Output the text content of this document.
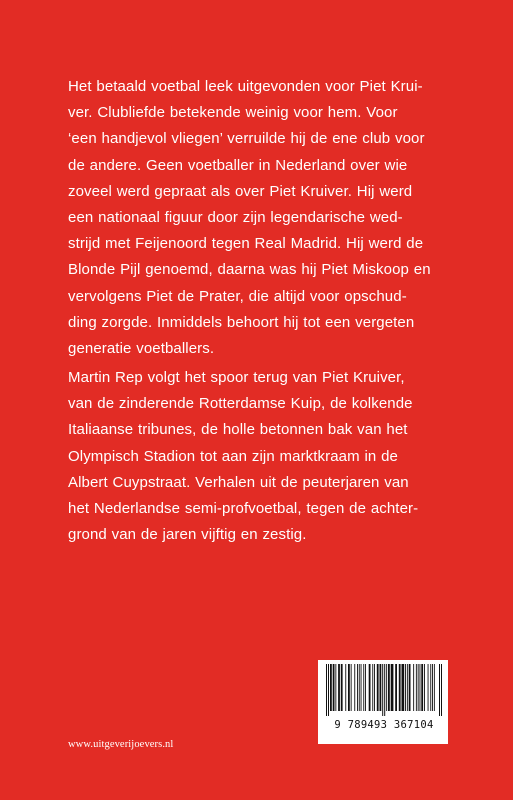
Het betaald voetbal leek uitgevonden voor Piet Krui-
ver. Clubliefde betekende weinig voor hem. Voor
‘een handjevol vliegen’ verruilde hij de ene club voor
de andere. Geen voetballer in Nederland over wie
zoveel werd gepraat als over Piet Kruiver. Hij werd
een nationaal figuur door zijn legendarische wed-
strijd met Feijenoord tegen Real Madrid. Hij werd de
Blonde Pijl genoemd, daarna was hij Piet Miskoop en
vervolgens Piet de Prater, die altijd voor opschud-
ding zorgde. Inmiddels behoort hij tot een vergeten
generatie voetballers.

Martin Rep volgt het spoor terug van Piet Kruiver,
van de zinderende Rotterdamse Kuip, de kolkende
Italiaanse tribunes, de holle betonnen bak van het
Olympisch Stadion tot aan zijn marktkraam in de
Albert Cuypstraat. Verhalen uit de peuterjaren van
het Nederlandse semi-profvoetbal, tegen de achter-
grond van de jaren vijftig en zestig.

9 789493 367104
www.uitgeverijoevers.nl
